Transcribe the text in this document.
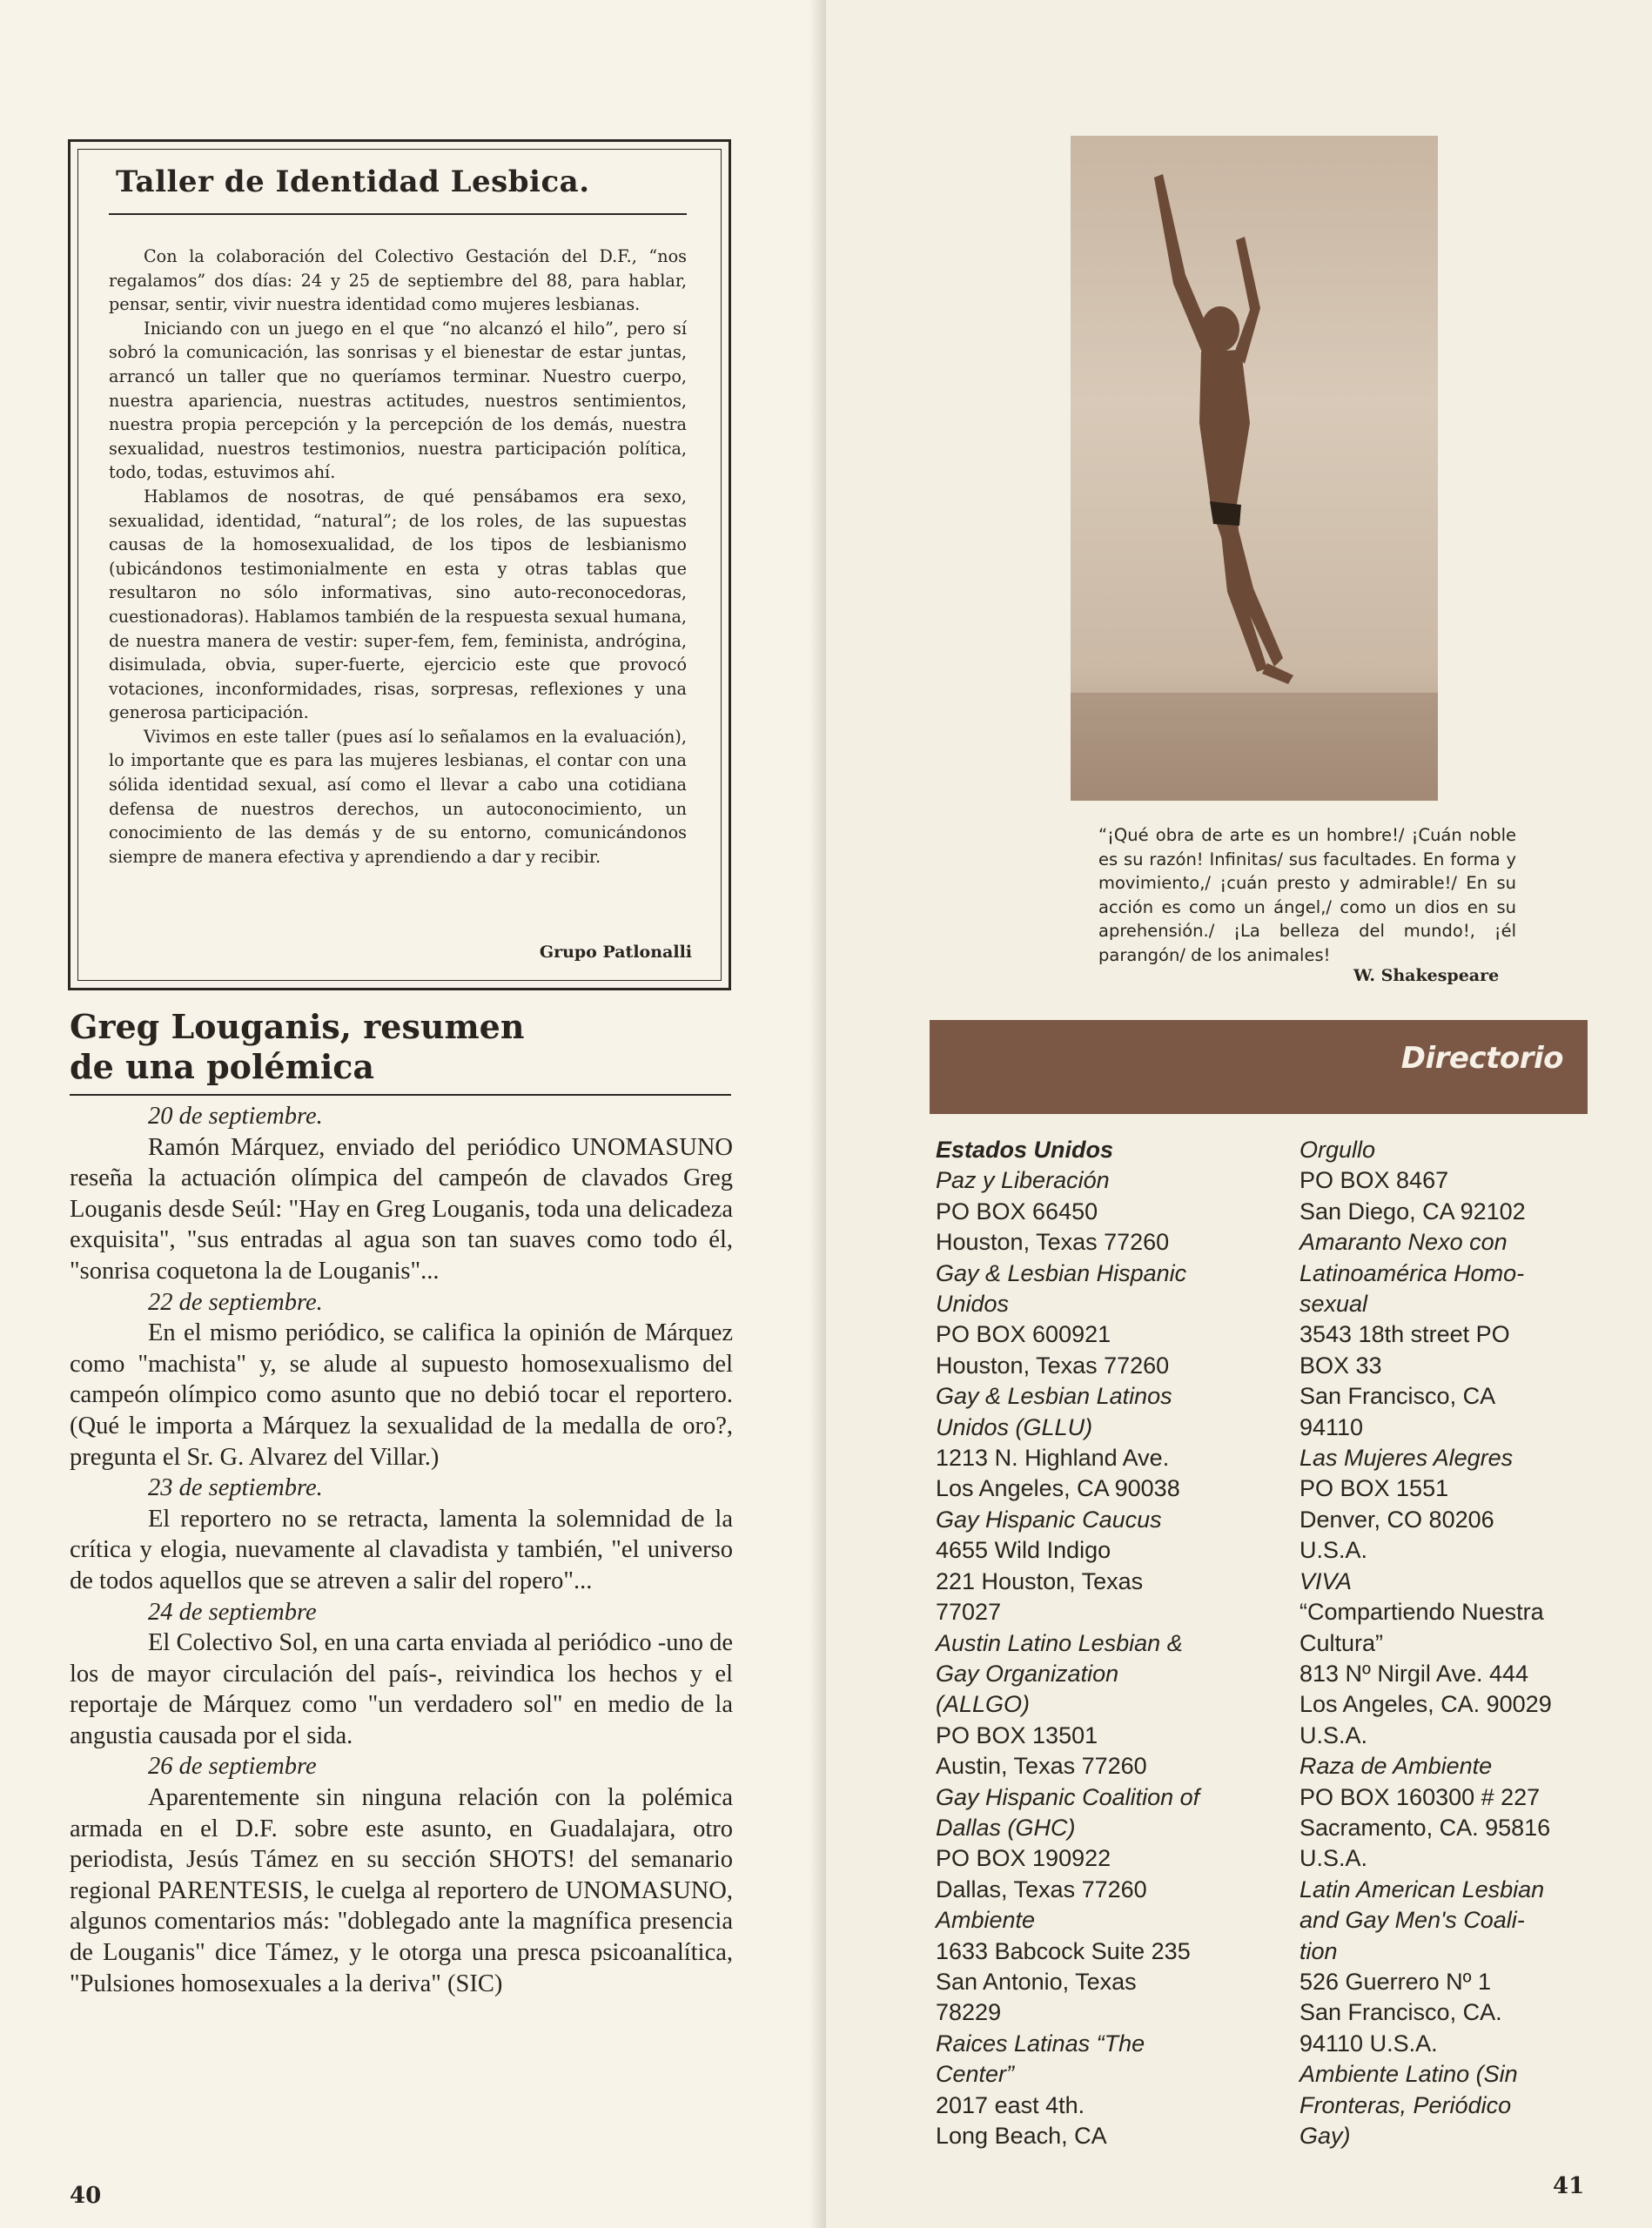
Taller de Identidad Lesbica.

Con la colaboración del Colectivo Gestación del D.F., “nos regalamos” dos días: 24 y 25 de septiembre del 88, para hablar, pensar, sentir, vivir nuestra identidad como mujeres lesbianas.

Iniciando con un juego en el que “no alcanzó el hilo”, pero sí sobró la comunicación, las sonrisas y el bienestar de estar juntas, arrancó un taller que no queríamos terminar. Nuestro cuerpo, nuestra apariencia, nuestras actitudes, nuestros sentimientos, nuestra propia percepción y la percepción de los demás, nuestra sexualidad, nuestros testimonios, nuestra participación política, todo, todas, estuvimos ahí.

Hablamos de nosotras, de qué pensábamos era sexo, sexualidad, identidad, “natural”; de los roles, de las supuestas causas de la homosexualidad, de los tipos de lesbianismo (ubicándonos testimonialmente en esta y otras tablas que resultaron no sólo informativas, sino auto-reconocedoras, cuestionadoras). Hablamos también de la respuesta sexual humana, de nuestra manera de vestir: super-fem, fem, feminista, andrógina, disimulada, obvia, super-fuerte, ejercicio este que provocó votaciones, inconformidades, risas, sorpresas, reflexiones y una generosa participación.

Vivimos en este taller (pues así lo señalamos en la evaluación), lo importante que es para las mujeres lesbianas, el contar con una sólida identidad sexual, así como el llevar a cabo una cotidiana defensa de nuestros derechos, un autoconocimiento, un conocimiento de las demás y de su entorno, comunicándonos siempre de manera efectiva y aprendiendo a dar y recibir.

Grupo Patlonalli
Greg Louganis, resumen
de una polémica

20 de septiembre.

Ramón Márquez, enviado del periódico UNOMASUNO reseña la actuación olímpica del campeón de clavados Greg Louganis desde Seúl: "Hay en Greg Louganis, toda una delicadeza exquisita", "sus entradas al agua son tan suaves como todo él, "sonrisa coquetona la de Louganis"...

22 de septiembre.

En el mismo periódico, se califica la opinión de Márquez como "machista" y, se alude al supuesto homosexualismo del campeón olímpico como asunto que no debió tocar el reportero. (Qué le importa a Márquez la sexualidad de la medalla de oro?, pregunta el Sr. G. Alvarez del Villar.)

23 de septiembre.

El reportero no se retracta, lamenta la solemnidad de la crítica y elogia, nuevamente al clavadista y también, "el universo de todos aquellos que se atreven a salir del ropero"...

24 de septiembre

El Colectivo Sol, en una carta enviada al periódico -uno de los de mayor circulación del país-, reivindica los hechos y el reportaje de Márquez como "un verdadero sol" en medio de la angustia causada por el sida.

26 de septiembre

Aparentemente sin ninguna relación con la polémica armada en el D.F. sobre este asunto, en Guadalajara, otro periodista, Jesús Támez en su sección SHOTS! del semanario regional PARENTESIS, le cuelga al reportero de UNOMASUNO, algunos comentarios más: "doblegado ante la magnífica presencia de Louganis" dice Támez, y le otorga una presca psicoanalítica, "Pulsiones homosexuales a la deriva" (SIC)

40
“¡Qué obra de arte es un hombre!/ ¡Cuán noble es su razón! Infinitas/ sus facultades. En forma y movimiento,/ ¡cuán presto y admirable!/ En su acción es como un ángel,/ como un dios en su aprehensión./ ¡La belleza del mundo!, ¡él parangón/ de los animales!
W. Shakespeare
Directorio
Estados Unidos
Paz y Liberación
PO BOX 66450
Houston, Texas 77260
Gay & Lesbian Hispanic
Unidos
PO BOX 600921
Houston, Texas 77260
Gay & Lesbian Latinos
Unidos (GLLU)
1213 N. Highland Ave.
Los Angeles, CA 90038
Gay Hispanic Caucus
4655 Wild Indigo
221 Houston, Texas
77027
Austin Latino Lesbian &
Gay Organization
(ALLGO)
PO BOX 13501
Austin, Texas 77260
Gay Hispanic Coalition of
Dallas (GHC)
PO BOX 190922
Dallas, Texas 77260
Ambiente
1633 Babcock Suite 235
San Antonio, Texas
78229
Raices Latinas “The
Center”
2017 east 4th.
Long Beach, CA
Orgullo
PO BOX 8467
San Diego, CA 92102
Amaranto Nexo con
Latinoamérica Homo-
sexual
3543 18th street PO
BOX 33
San Francisco, CA
94110
Las Mujeres Alegres
PO BOX 1551
Denver, CO 80206
U.S.A.
VIVA
“Compartiendo Nuestra
Cultura”
813 Nº Nirgil Ave. 444
Los Angeles, CA. 90029
U.S.A.
Raza de Ambiente
PO BOX 160300 # 227
Sacramento, CA. 95816
U.S.A.
Latin American Lesbian
and Gay Men's Coali-
tion
526 Guerrero Nº 1
San Francisco, CA.
94110 U.S.A.
Ambiente Latino (Sin
Fronteras, Periódico
Gay)
41
